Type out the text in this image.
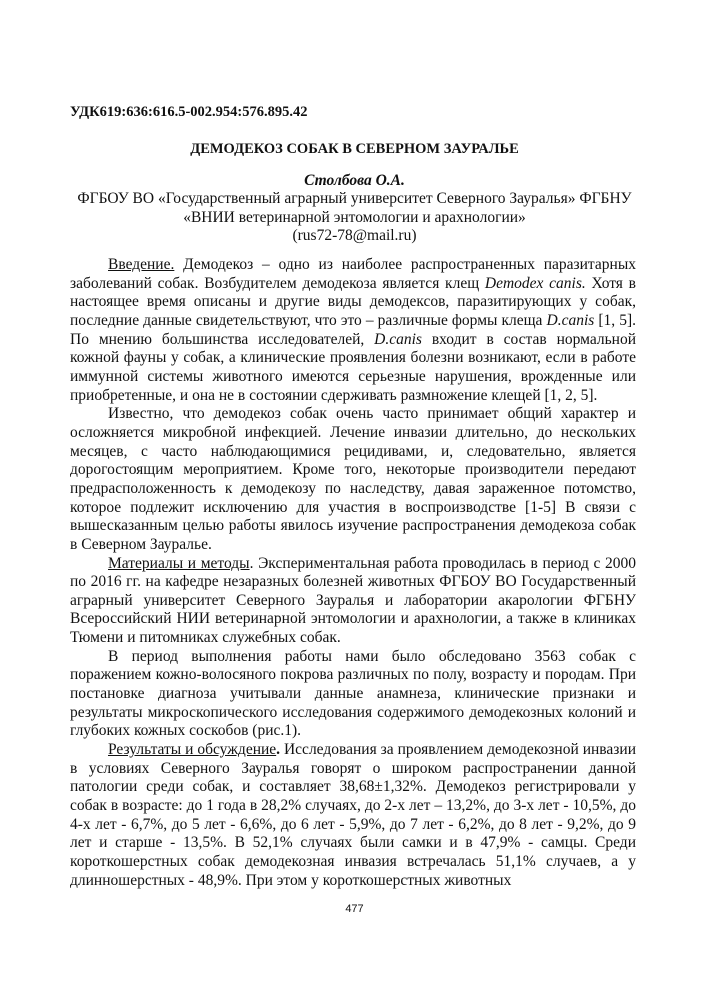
УДК619:636:616.5-002.954:576.895.42
ДЕМОДЕКОЗ СОБАК В СЕВЕРНОМ ЗАУРАЛЬЕ
Столбова О.А.
ФГБОУ ВО «Государственный аграрный университет Северного Зауралья» ФГБНУ
«ВНИИ ветеринарной энтомологии и арахнологии»
(rus72-78@mail.ru)

Введение. Демодекоз – одно из наиболее распространенных паразитарных заболеваний собак. Возбудителем демодекоза является клещ Demodex canis. Хотя в настоящее время описаны и другие виды демодексов, паразитирующих у собак, последние данные свидетельствуют, что это – различные формы клеща D.canis [1, 5]. По мнению большинства исследователей, D.canis входит в состав нормальной кожной фауны у собак, а клинические проявления болезни возникают, если в работе иммунной системы животного имеются серьезные нарушения, врожденные или приобретенные, и она не в состоянии сдерживать размножение клещей [1, 2, 5].

Известно, что демодекоз собак очень часто принимает общий характер и осложняется микробной инфекцией. Лечение инвазии длительно, до нескольких месяцев, с часто наблюдающимися рецидивами, и, следовательно, является дорогостоящим мероприятием. Кроме того, некоторые производители передают предрасположенность к демодекозу по наследству, давая зараженное потомство, которое подлежит исключению для участия в воспроизводстве [1-5] В связи с вышесказанным целью работы явилось изучение распространения демодекоза собак в Северном Зауралье.

Материалы и методы. Экспериментальная работа проводилась в период с 2000 по 2016 гг. на кафедре незаразных болезней животных ФГБОУ ВО Государственный аграрный университет Северного Зауралья и лаборатории акарологии ФГБНУ Всероссийский НИИ ветеринарной энтомологии и арахнологии, а также в клиниках Тюмени и питомниках служебных собак.

В период выполнения работы нами было обследовано 3563 собак с поражением кожно-волосяного покрова различных по полу, возрасту и породам. При постановке диагноза учитывали данные анамнеза, клинические признаки и результаты микроскопического исследования содержимого демодекозных колоний и глубоких кожных соскобов (рис.1).

Результаты и обсуждение. Исследования за проявлением демодекозной инвазии в условиях Северного Зауралья говорят о широком распространении данной патологии среди собак, и составляет 38,68±1,32%. Демодекоз регистрировали у собак в возрасте: до 1 года в 28,2% случаях, до 2-х лет – 13,2%, до 3-х лет - 10,5%, до 4-х лет - 6,7%, до 5 лет - 6,6%, до 6 лет - 5,9%, до 7 лет - 6,2%, до 8 лет - 9,2%, до 9 лет и старше - 13,5%. В 52,1% случаях были самки и в 47,9% - самцы. Среди короткошерстных собак демодекозная инвазия встречалась 51,1% случаев, а у длинношерстных - 48,9%. При этом у короткошерстных животных

477
